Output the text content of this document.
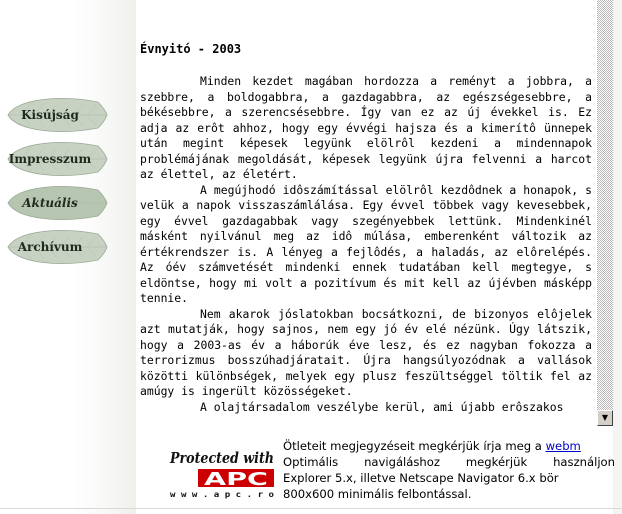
Kisújság
Impresszum
Aktuális
Archívum
Évnyitó - 2003

Minden kezdet magában hordozza a reményt a jobbra, a szebbre, a boldogabbra, a gazdagabbra, az egészségesebbre, a békésebbre, a szerencsésebbre. Így van ez az új évekkel is. Ez adja az erôt ahhoz, hogy egy évvégi hajsza és a kimerítô ünnepek után megint képesek legyünk elölrôl kezdeni a mindennapok problémájának megoldását, képesek legyünk újra felvenni a harcot az élettel, az életért.

A megújhodó idôszámítással elölrôl kezdôdnek a honapok, s velük a napok visszaszámlálása. Egy évvel többek vagy kevesebbek, egy évvel gazdagabbak vagy szegényebbek lettünk. Mindenkinél másként nyilvánul meg az idô múlása, emberenként változik az értékrendszer is. A lényeg a fejlôdés, a haladás, az elôrelépés. Az óév számvetését mindenki ennek tudatában kell megtegye, s eldöntse, hogy mi volt a pozitívum és mit kell az újévben másképp tennie.

Nem akarok jóslatokban bocsátkozni, de bizonyos elôjelek azt mutatják, hogy sajnos, nem egy jó év elé nézünk. Úgy látszik, hogy a 2003-as év a háborúk éve lesz, és ez nagyban fokozza a terrorizmus bosszúhadjáratait. Újra hangsúlyozódnak a vallások közötti különbségek, melyek egy plusz feszültséggel töltik fel az amúgy is ingerült közösségeket.

A olajtársadalom veszélybe kerül, ami újabb erôszakos

▼
Protected with
APC
w w w . a p c . r o
Ötleteit megjegyzéseit megkérjük írja meg a webm
Optimális navigáláshoz megkérjük használjon
Explorer 5.x, illetve Netscape Navigator 6.x bör
800x600 minimális felbontással.
